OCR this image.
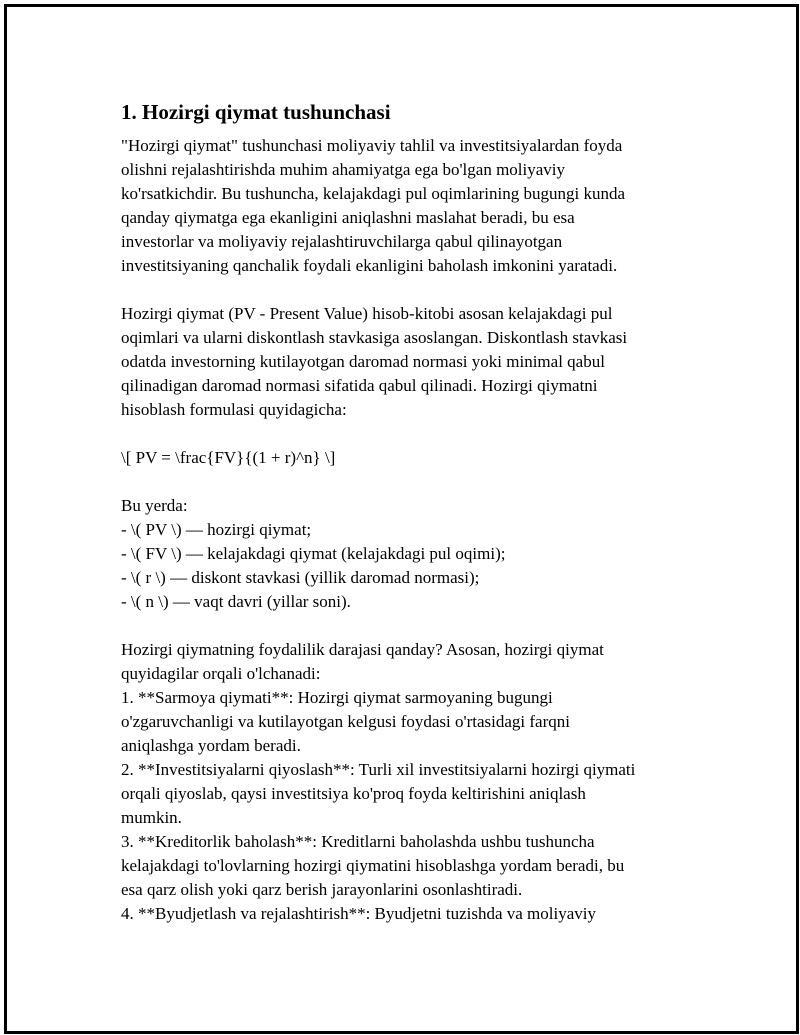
1. Hozirgi qiymat tushunchasi

"Hozirgi qiymat" tushunchasi moliyaviy tahlil va investitsiyalardan foyda
olishni rejalashtirishda muhim ahamiyatga ega bo'lgan moliyaviy
ko'rsatkichdir. Bu tushuncha, kelajakdagi pul oqimlarining bugungi kunda
qanday qiymatga ega ekanligini aniqlashni maslahat beradi, bu esa
investorlar va moliyaviy rejalashtiruvchilarga qabul qilinayotgan
investitsiyaning qanchalik foydali ekanligini baholash imkonini yaratadi.

Hozirgi qiymat (PV - Present Value) hisob-kitobi asosan kelajakdagi pul
oqimlari va ularni diskontlash stavkasiga asoslangan. Diskontlash stavkasi
odatda investorning kutilayotgan daromad normasi yoki minimal qabul
qilinadigan daromad normasi sifatida qabul qilinadi. Hozirgi qiymatni
hisoblash formulasi quyidagicha:

\[ PV = \frac{FV}{(1 + r)^n} \]

Bu yerda:
- \( PV \) — hozirgi qiymat;
- \( FV \) — kelajakdagi qiymat (kelajakdagi pul oqimi);
- \( r \) — diskont stavkasi (yillik daromad normasi);
- \( n \) — vaqt davri (yillar soni).

Hozirgi qiymatning foydalilik darajasi qanday? Asosan, hozirgi qiymat
quyidagilar orqali o'lchanadi:
1. **Sarmoya qiymati**: Hozirgi qiymat sarmoyaning bugungi
o'zgaruvchanligi va kutilayotgan kelgusi foydasi o'rtasidagi farqni
aniqlashga yordam beradi.
2. **Investitsiyalarni qiyoslash**: Turli xil investitsiyalarni hozirgi qiymati
orqali qiyoslab, qaysi investitsiya ko'proq foyda keltirishini aniqlash
mumkin.
3. **Kreditorlik baholash**: Kreditlarni baholashda ushbu tushuncha
kelajakdagi to'lovlarning hozirgi qiymatini hisoblashga yordam beradi, bu
esa qarz olish yoki qarz berish jarayonlarini osonlashtiradi.
4. **Byudjetlash va rejalashtirish**: Byudjetni tuzishda va moliyaviy
